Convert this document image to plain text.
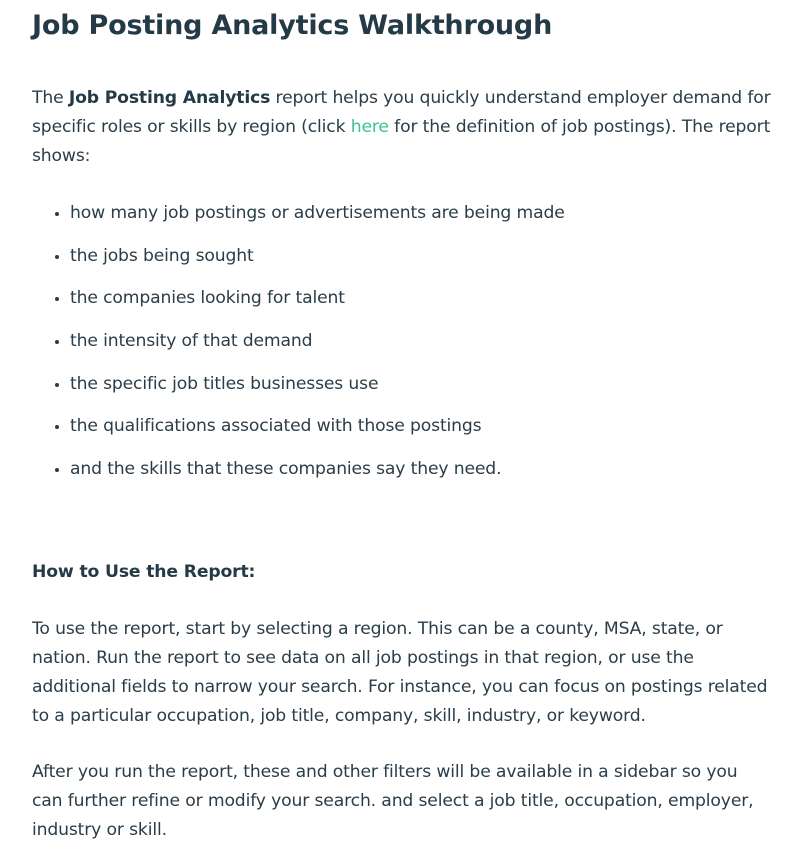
Job Posting Analytics Walkthrough

The Job Posting Analytics report helps you quickly understand employer demand for specific roles or skills by region (click here for the definition of job postings). The report shows:

• how many job postings or advertisements are being made
• the jobs being sought
• the companies looking for talent
• the intensity of that demand
• the specific job titles businesses use
• the qualifications associated with those postings
• and the skills that these companies say they need.

How to Use the Report:

To use the report, start by selecting a region. This can be a county, MSA, state, or nation. Run the report to see data on all job postings in that region, or use the additional fields to narrow your search. For instance, you can focus on postings related to a particular occupation, job title, company, skill, industry, or keyword.

After you run the report, these and other filters will be available in a sidebar so you can further refine or modify your search. and select a job title, occupation, employer, industry or skill.
